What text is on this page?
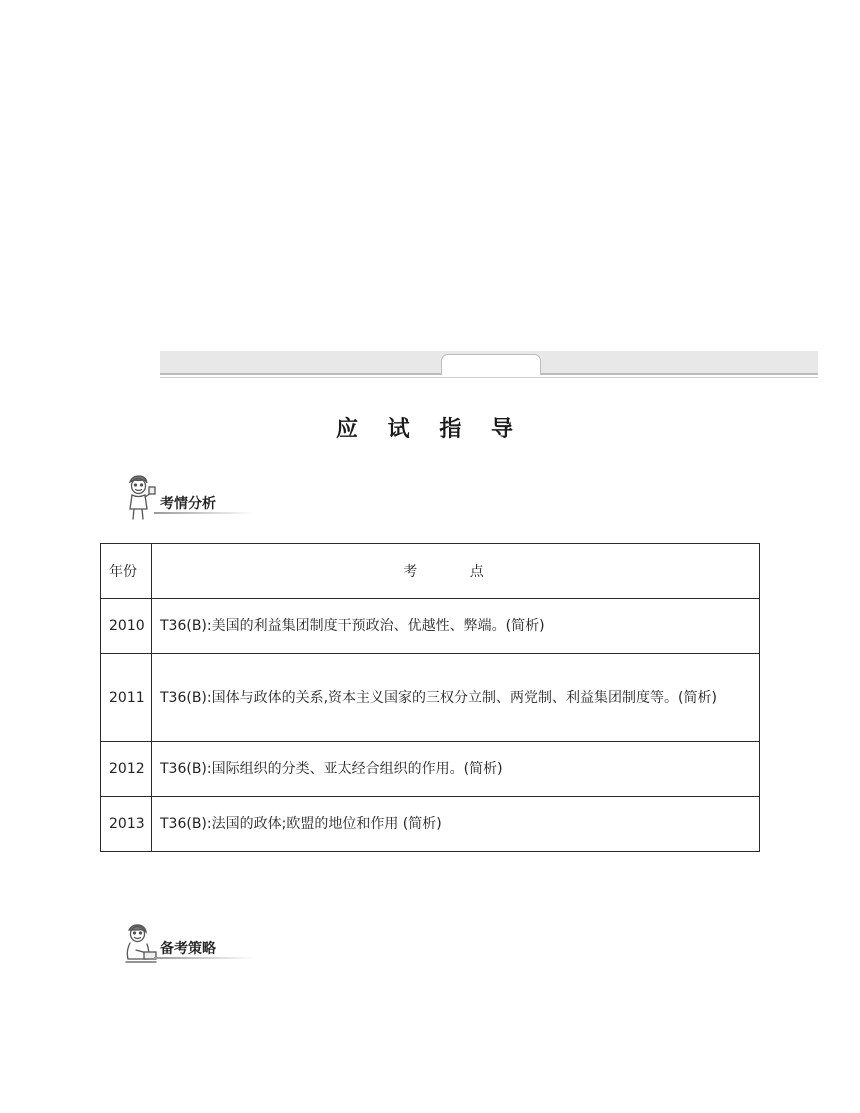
应 试 指 导
考情分析
年份	考 点
2010	T36(B):美国的利益集团制度干预政治、优越性、弊端。(简析)
2011	T36(B):国体与政体的关系,资本主义国家的三权分立制、两党制、利益集团制度等。(简析)
2012	T36(B):国际组织的分类、亚太经合组织的作用。(简析)
2013	T36(B):法国的政体;欧盟的地位和作用 (简析)
备考策略
